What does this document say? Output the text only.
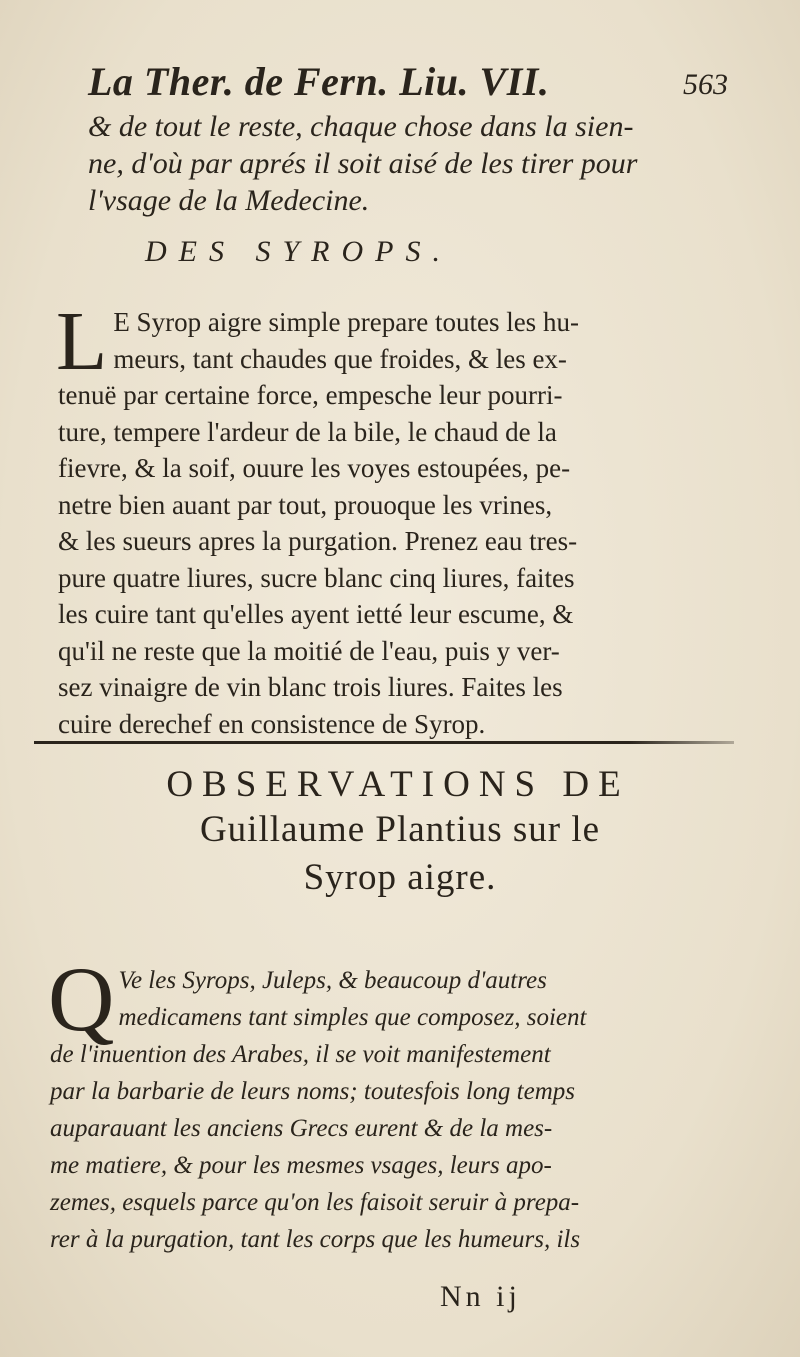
La Ther. de Fern. Liu. VII.	563
& de tout le reste, chaque chose dans la sien-
ne, d'où par aprés il soit aisé de les tirer pour
l'vsage de la Medecine.
DES SYROPS.
L E Syrop aigre simple prepare toutes les hu-
meurs, tant chaudes que froides, & les ex-
tenuë par certaine force, empesche leur pourri-
ture, tempere l'ardeur de la bile, le chaud de la
fievre, & la soif, ouure les voyes estoupées, pe-
netre bien auant par tout, prouoque les vrines,
& les sueurs apres la purgation. Prenez eau tres-
pure quatre liures, sucre blanc cinq liures, faites
les cuire tant qu'elles ayent ietté leur escume, &
qu'il ne reste que la moitié de l'eau, puis y ver-
sez vinaigre de vin blanc trois liures. Faites les
cuire derechef en consistence de Syrop.
OBSERVATIONS DE
Guillaume Plantius sur le
Syrop aigre.
Q Ve les Syrops, Juleps, & beaucoup d'autres
medicamens tant simples que composez, soient
de l'inuention des Arabes, il se voit manifestement
par la barbarie de leurs noms; toutesfois long temps
auparauant les anciens Grecs eurent & de la mes-
me matiere, & pour les mesmes vsages, leurs apo-
zemes, esquels parce qu'on les faisoit seruir à prepa-
rer à la purgation, tant les corps que les humeurs, ils
Nn ij
